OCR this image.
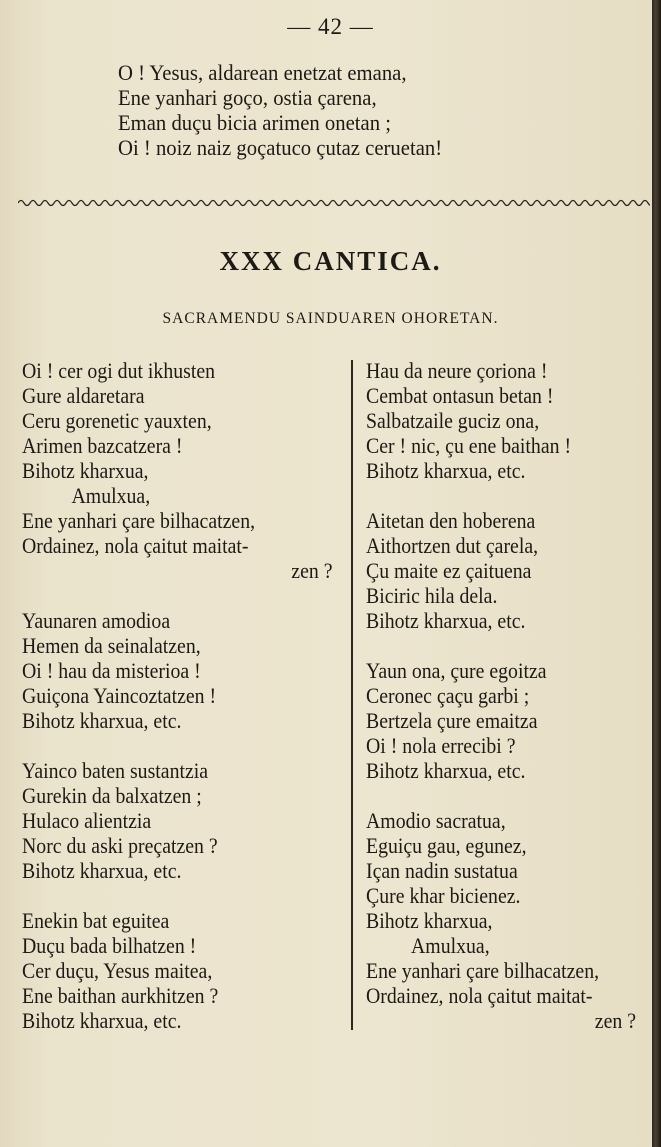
— 42 —
O ! Yesus, aldarean enetzat emana,
Ene yanhari goço, ostia çarena,
Eman duçu bicia arimen onetan ;
Oi ! noiz naiz goçatuco çutaz ceruetan!
XXX CANTICA.
SACRAMENDU SAINDUAREN OHORETAN.
Oi ! cer ogi dut ikhusten
Gure aldaretara
Ceru gorenetic yauxten,
Arimen bazcatzera !
Bihotz kharxua,
Amulxua,
Ene yanhari çare bilhacatzen,
Ordainez, nola çaitut maitat-
zen ?
Yaunaren amodioa
Hemen da seinalatzen,
Oi ! hau da misterioa !
Guiçona Yaincoztatzen !
Bihotz kharxua, etc.
Yainco baten sustantzia
Gurekin da balxatzen ;
Hulaco alientzia
Norc du aski preçatzen ?
Bihotz kharxua, etc.
Enekin bat eguitea
Duçu bada bilhatzen !
Cer duçu, Yesus maitea,
Ene baithan aurkhitzen ?
Bihotz kharxua, etc.
Hau da neure çoriona !
Cembat ontasun betan !
Salbatzaile guciz ona,
Cer ! nic, çu ene baithan !
Bihotz kharxua, etc.
Aitetan den hoberena
Aithortzen dut çarela,
Çu maite ez çaituena
Biciric hila dela.
Bihotz kharxua, etc.
Yaun ona, çure egoitza
Ceronec çaçu garbi ;
Bertzela çure emaitza
Oi ! nola errecibi ?
Bihotz kharxua, etc.
Amodio sacratua,
Eguiçu gau, egunez,
Içan nadin sustatua
Çure khar bicienez.
Bihotz kharxua,
Amulxua,
Ene yanhari çare bilhacatzen,
Ordainez, nola çaitut maitat-
zen ?
